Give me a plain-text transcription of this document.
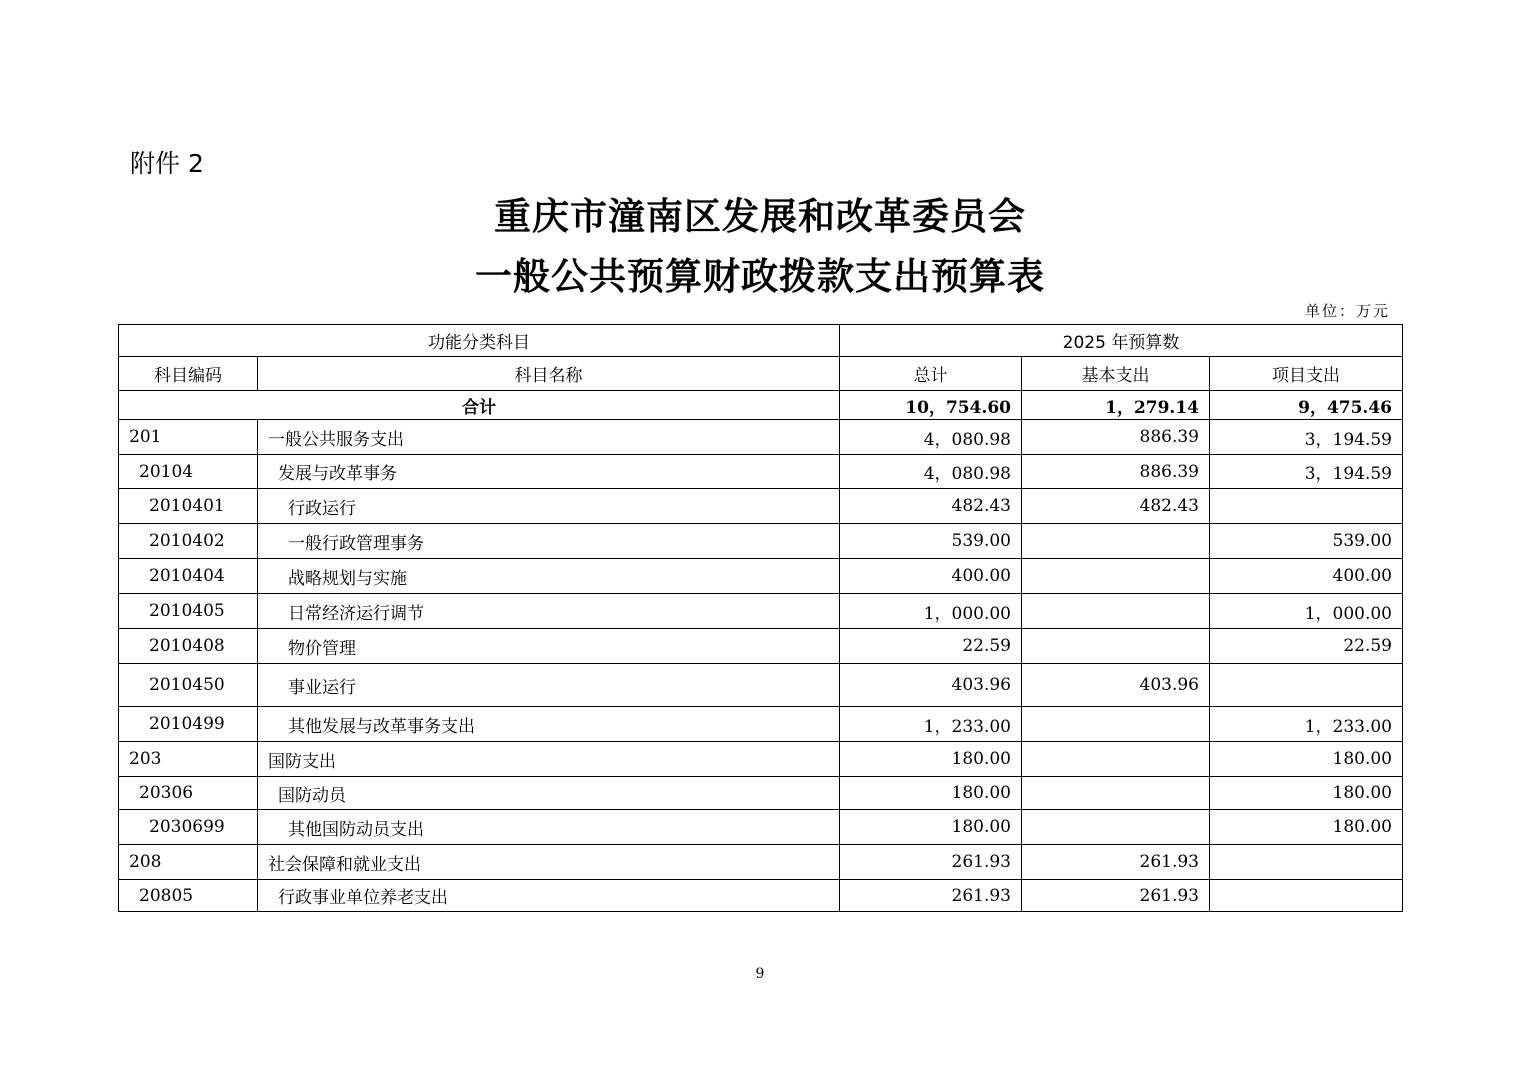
附件 2
重庆市潼南区发展和改革委员会
一般公共预算财政拨款支出预算表
单位：万元
功能分类科目		2025 年预算数		
科目编码	科目名称	总计	基本支出	项目支出
合计		10，754.60	1，279.14	9，475.46
201	一般公共服务支出	4，080.98	886.39	3，194.59
20104	发展与改革事务	4，080.98	886.39	3，194.59
2010401	行政运行	482.43	482.43	
2010402	一般行政管理事务	539.00		539.00
2010404	战略规划与实施	400.00		400.00
2010405	日常经济运行调节	1，000.00		1，000.00
2010408	物价管理	22.59		22.59
2010450	事业运行	403.96	403.96	
2010499	其他发展与改革事务支出	1，233.00		1，233.00
203	国防支出	180.00		180.00
20306	国防动员	180.00		180.00
2030699	其他国防动员支出	180.00		180.00
208	社会保障和就业支出	261.93	261.93	
20805	行政事业单位养老支出	261.93	261.93	
9
